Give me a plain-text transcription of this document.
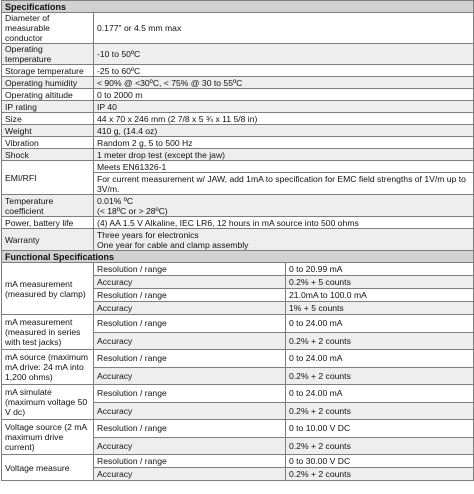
Specifications		
Diameter of measurable conductor	0.177" or 4.5 mm max	
Operating temperature	-10 to 50ºC	
Storage temperature	-25 to 60ºC	
Operating humidity	< 90% @ <30ºC, < 75% @ 30 to 55ºC	
Operating altitude	0 to 2000 m	
IP rating	IP 40	
Size	44 x 70 x 246 mm (2 7/8 x 5 ¾ x 11 5/8 in)	
Weight	410 g, (14.4 oz)	
Vibration	Random 2 g, 5 to 500 Hz	
Shock	1 meter drop test (except the jaw)	
EMI/RFI	Meets EN61326-1	
	For current measurement w/ JAW, add 1mA to specification for EMC field strengths of 1V/m up to 3V/m.	
Temperature coefficient	0.01% ºC
(< 18ºC or > 28ºC)	

Power, battery life	(4) AA 1.5 V Alkaline, IEC LR6, 12 hours in mA source into 500 ohms	
Warranty	Three years for electronics
One year for cable and clamp assembly	

Functional Specifications		
mA measurement (measured by clamp)	Resolution / range	0 to 20.99 mA
	Accuracy	0.2% + 5 counts
	Resolution / range	21.0mA to 100.0 mA
	Accuracy	1% + 5 counts
mA measurement (measured in series with test jacks)	Resolution / range	0 to 24.00 mA
	Accuracy	0.2% + 2 counts
mA source (maximum mA drive: 24 mA into 1,200 ohms)	Resolution / range	0 to 24.00 mA
	Accuracy	0.2% + 2 counts
mA simulate (maximum voltage 50 V dc)	Resolution / range	0 to 24.00 mA
	Accuracy	0.2% + 2 counts
Voltage source (2 mA maximum drive current)	Resolution / range	0 to 10.00 V DC
	Accuracy	0.2% + 2 counts
Voltage measure	Resolution / range	0 to 30.00 V DC
	Accuracy	0.2% + 2 counts
